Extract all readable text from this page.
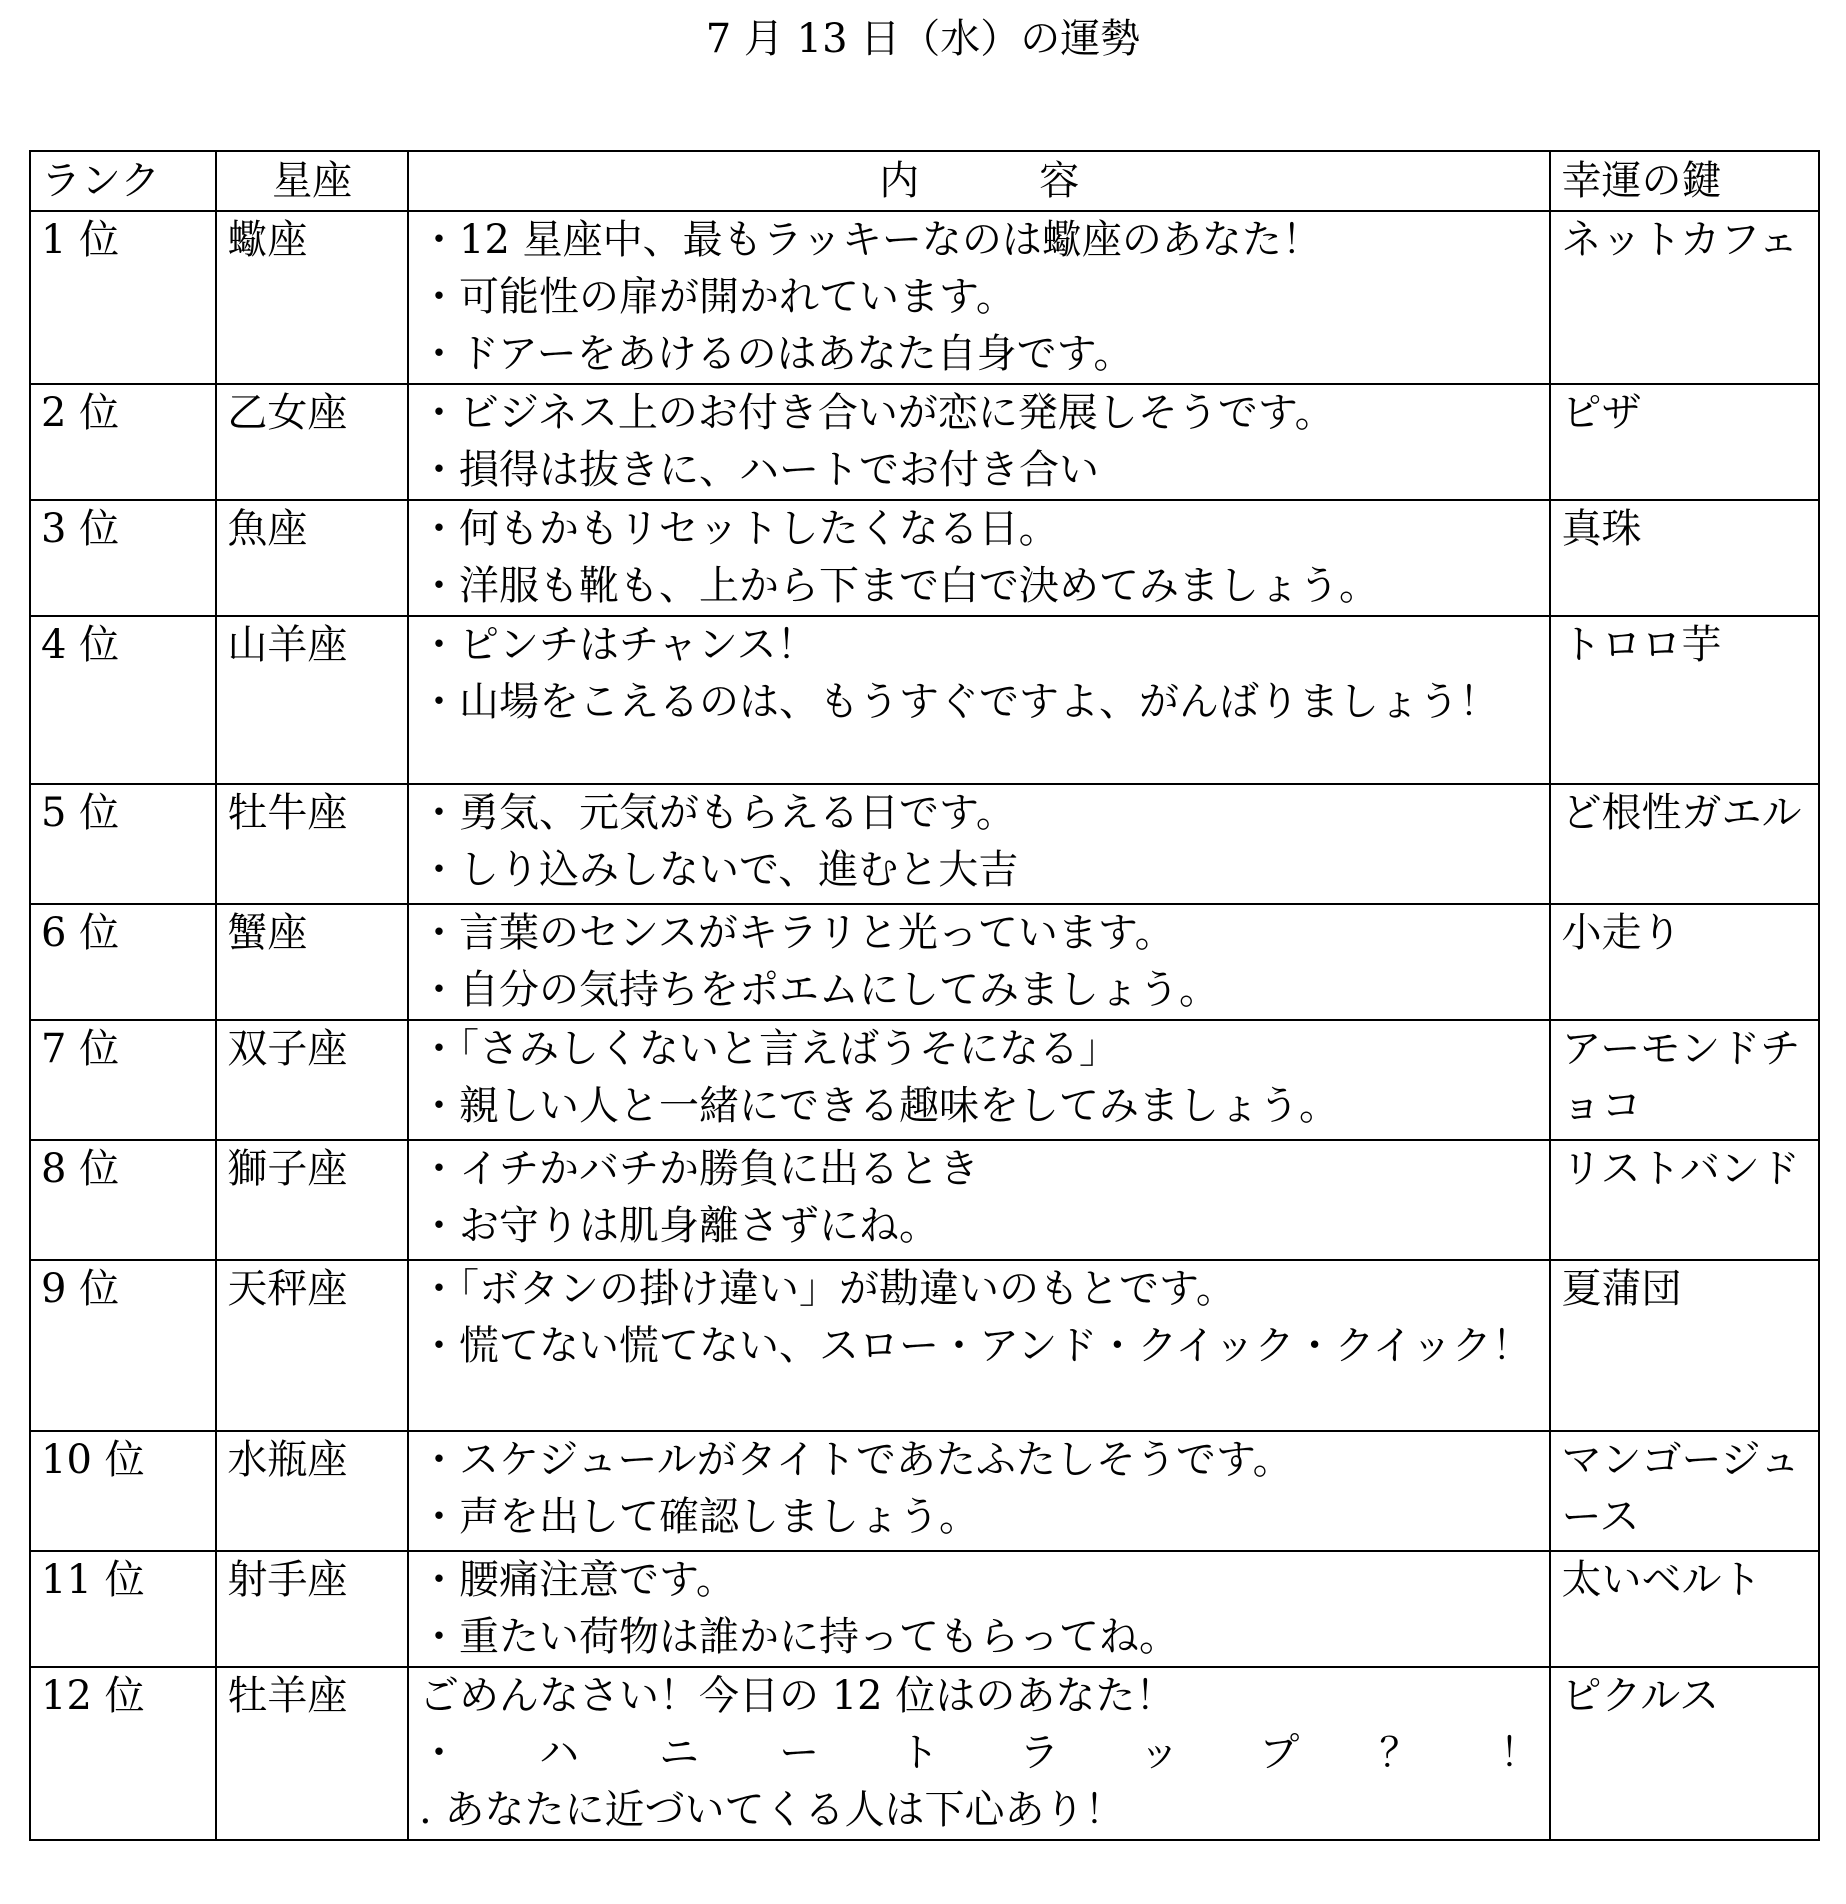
7 月 13 日（水）の運勢
ランク	星座	内　　　容	幸運の鍵
1 位	蠍座	・12 星座中、最もラッキーなのは蠍座のあなた！
・可能性の扉が開かれています。
・ドアーをあけるのはあなた自身です。	ネットカフェ
2 位	乙女座	・ビジネス上のお付き合いが恋に発展しそうです。
・損得は抜きに、ハートでお付き合い	ピザ
3 位	魚座	・何もかもリセットしたくなる日。
・洋服も靴も、上から下まで白で決めてみましょう。	真珠
4 位	山羊座	・ピンチはチャンス！
・山場をこえるのは、もうすぐですよ、がんばりましょう！	トロロ芋
5 位	牡牛座	・勇気、元気がもらえる日です。
・しり込みしないで、進むと大吉	ど根性ガエル
6 位	蟹座	・言葉のセンスがキラリと光っています。
・自分の気持ちをポエムにしてみましょう。	小走り
7 位	双子座	・「さみしくないと言えばうそになる」
・親しい人と一緒にできる趣味をしてみましょう。	アーモンドチョコ
8 位	獅子座	・イチかバチか勝負に出るとき
・お守りは肌身離さずにね。	リストバンド
9 位	天秤座	・「ボタンの掛け違い」が勘違いのもとです。
・慌てない慌てない、スロー・アンド・クイック・クイック！	夏蒲団
10 位	水瓶座	・スケジュールがタイトであたふたしそうです。
・声を出して確認しましょう。	マンゴージュース
11 位	射手座	・腰痛注意です。
・重たい荷物は誰かに持ってもらってね。	太いベルト
12 位	牡羊座	ごめんなさい！今日の 12 位はのあなた！
・ ハ ニ ー ト ラ ッ プ ？ ！
. あなたに近づいてくる人は下心あり！	ピクルス
